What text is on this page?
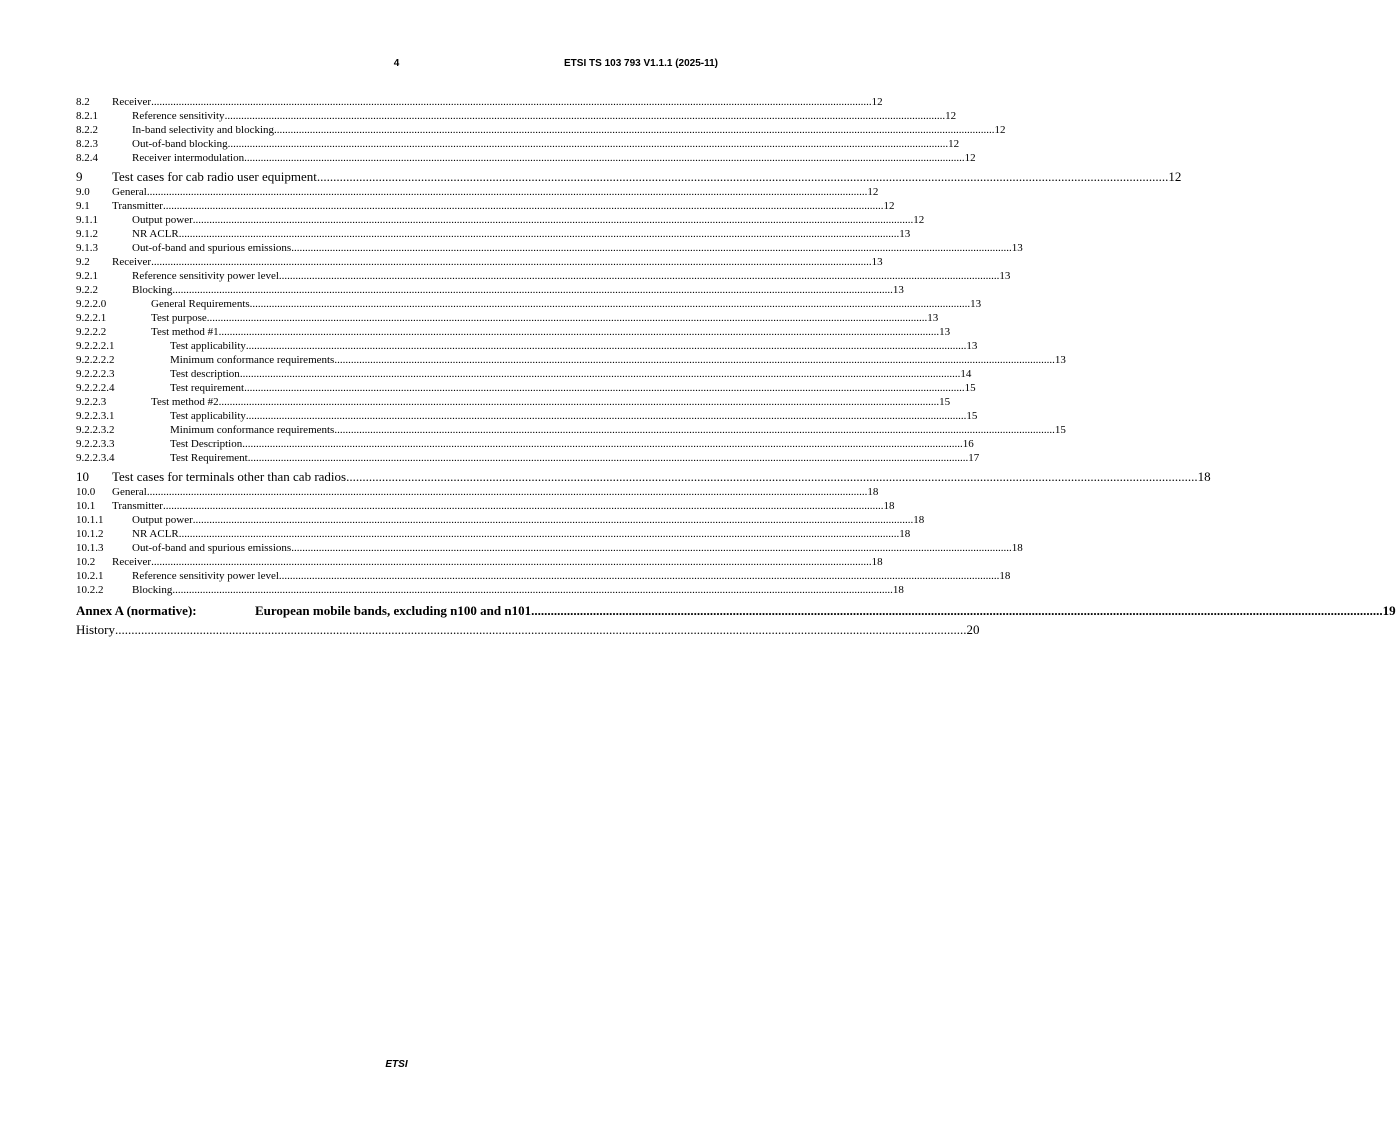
4	ETSI TS 103 793 V1.1.1 (2025-11)
8.2 Receiver .....	12
8.2.1	Reference sensitivity .....	12
8.2.2	In-band selectivity and blocking .....	12
8.2.3	Out-of-band blocking .....	12
8.2.4	Receiver intermodulation .....	12
9 Test cases for cab radio user equipment .....	12
9.0 General .....	12
9.1 Transmitter .....	12
9.1.1	Output power .....	12
9.1.2	NR ACLR .....	13
9.1.3	Out-of-band and spurious emissions .....	13
9.2 Receiver .....	13
9.2.1	Reference sensitivity power level .....	13
9.2.2	Blocking .....	13
9.2.2.0	General Requirements .....	13
9.2.2.1	Test purpose .....	13
9.2.2.2	Test method #1 .....	13
9.2.2.2.1	Test applicability .....	13
9.2.2.2.2	Minimum conformance requirements .....	13
9.2.2.2.3	Test description .....	14
9.2.2.2.4	Test requirement .....	15
9.2.2.3	Test method #2 .....	15
9.2.2.3.1	Test applicability .....	15
9.2.2.3.2	Minimum conformance requirements .....	15
9.2.2.3.3	Test Description .....	16
9.2.2.3.4	Test Requirement .....	17
10 Test cases for terminals other than cab radios .....	18
10.0 General .....	18
10.1 Transmitter .....	18
10.1.1	Output power .....	18
10.1.2	NR ACLR .....	18
10.1.3	Out-of-band and spurious emissions .....	18
10.2 Receiver .....	18
10.2.1	Reference sensitivity power level .....	18
10.2.2	Blocking .....	18
Annex A (normative):	European mobile bands, excluding n100 and n101 .....	19
History .....	20
ETSI
